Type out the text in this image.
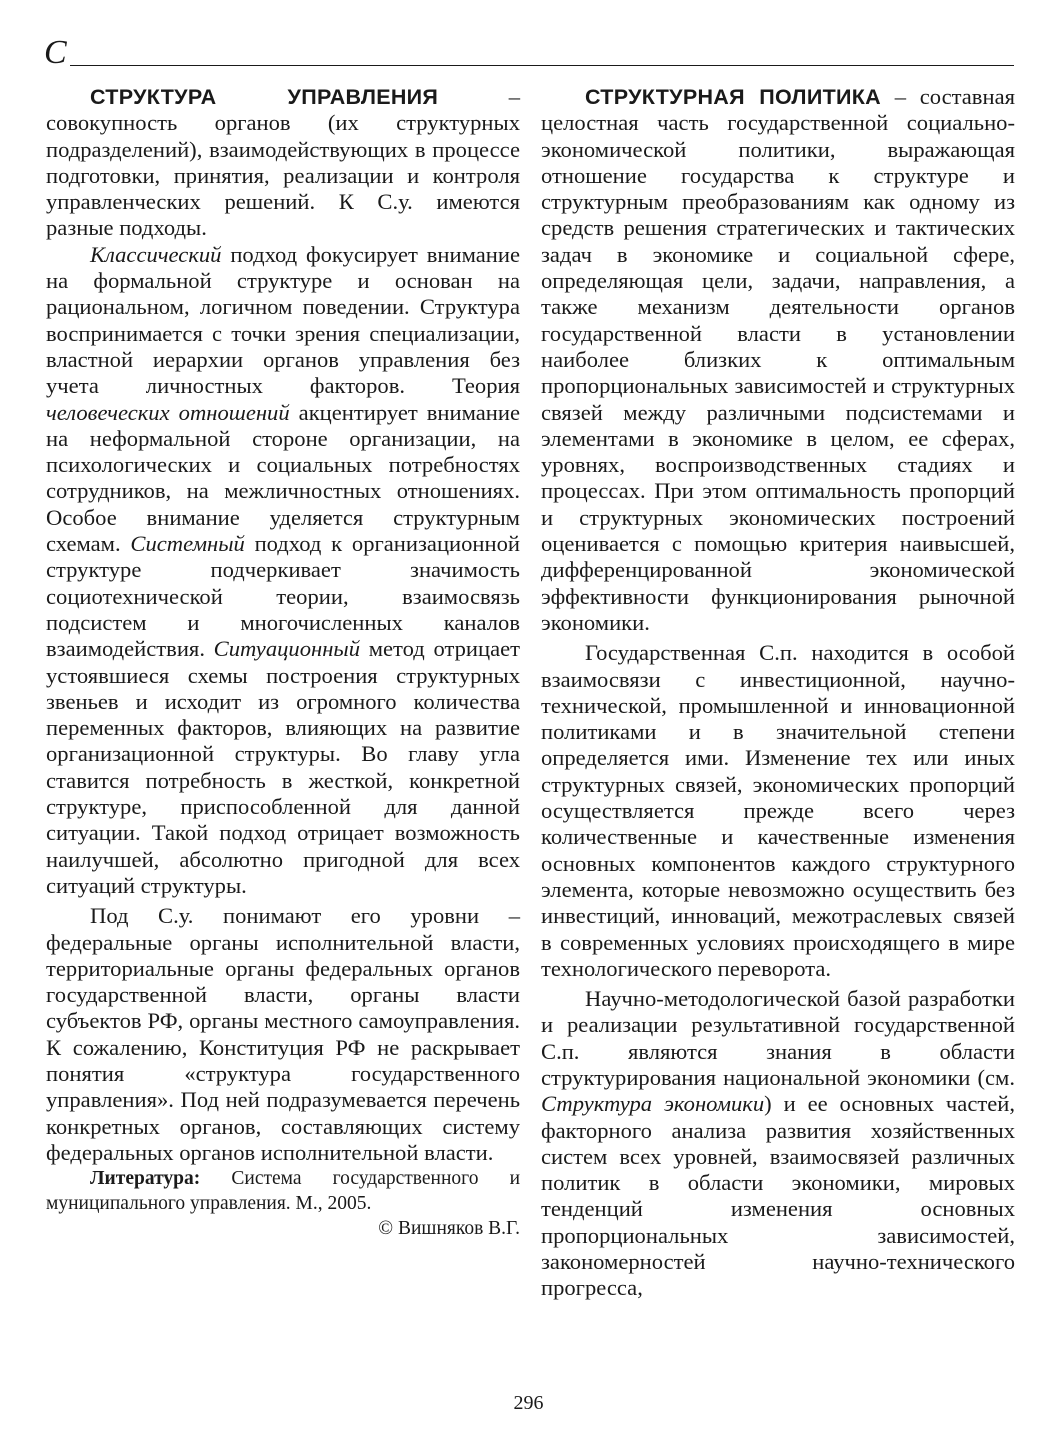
С

СТРУКТУРА УПРАВЛЕНИЯ – совокупность органов (их структурных подразделений), взаимодействующих в процессе подготовки, принятия, реализации и контроля управленческих решений. К С.у. имеются разные подходы.

Классический подход фокусирует внимание на формальной структуре и основан на рациональном, логичном поведении. Структура воспринимается с точки зрения специализации, властной иерархии органов управления без учета личностных факторов. Теория человеческих отношений акцентирует внимание на неформальной стороне организации, на психологических и социальных потребностях сотрудников, на межличностных отношениях. Особое внимание уделяется структурным схемам. Системный подход к организационной структуре подчеркивает значимость социотехнической теории, взаимосвязь подсистем и многочисленных каналов взаимодействия. Ситуационный метод отрицает устоявшиеся схемы построения структурных звеньев и исходит из огромного количества переменных факторов, влияющих на развитие организационной структуры. Во главу угла ставится потребность в жесткой, конкретной структуре, приспособленной для данной ситуации. Такой подход отрицает возможность наилучшей, абсолютно пригодной для всех ситуаций структуры.

Под С.у. понимают его уровни – федеральные органы исполнительной власти, территориальные органы федеральных органов государственной власти, органы власти субъектов РФ, органы местного самоуправления. К сожалению, Конституция РФ не раскрывает понятия «структура государственного управления». Под ней подразумевается перечень конкретных органов, составляющих систему федеральных органов исполнительной власти.

Литература: Система государственного и муниципального управления. М., 2005.

© Вишняков В.Г.

СТРУКТУРНАЯ ПОЛИТИКА – составная целостная часть государственной социально-экономической политики, выражающая отношение государства к структуре и структурным преобразованиям как одному из средств решения стратегических и тактических задач в экономике и социальной сфере, определяющая цели, задачи, направления, а также механизм деятельности органов государственной власти в установлении наиболее близких к оптимальным пропорциональных зависимостей и структурных связей между различными подсистемами и элементами в экономике в целом, ее сферах, уровнях, воспроизводственных стадиях и процессах. При этом оптимальность пропорций и структурных экономических построений оценивается с помощью критерия наивысшей, дифференцированной экономической эффективности функционирования рыночной экономики.

Государственная С.п. находится в особой взаимосвязи с инвестиционной, научно-технической, промышленной и инновационной политиками и в значительной степени определяется ими. Изменение тех или иных структурных связей, экономических пропорций осуществляется прежде всего через количественные и качественные изменения основных компонентов каждого структурного элемента, которые невозможно осуществить без инвестиций, инноваций, межотраслевых связей в современных условиях происходящего в мире технологического переворота.

Научно-методологической базой разработки и реализации результативной государственной С.п. являются знания в области структурирования национальной экономики (см. Структура экономики) и ее основных частей, факторного анализа развития хозяйственных систем всех уровней, взаимосвязей различных политик в области экономики, мировых тенденций изменения основных пропорциональных зависимостей, закономерностей научно-технического прогресса,

296
